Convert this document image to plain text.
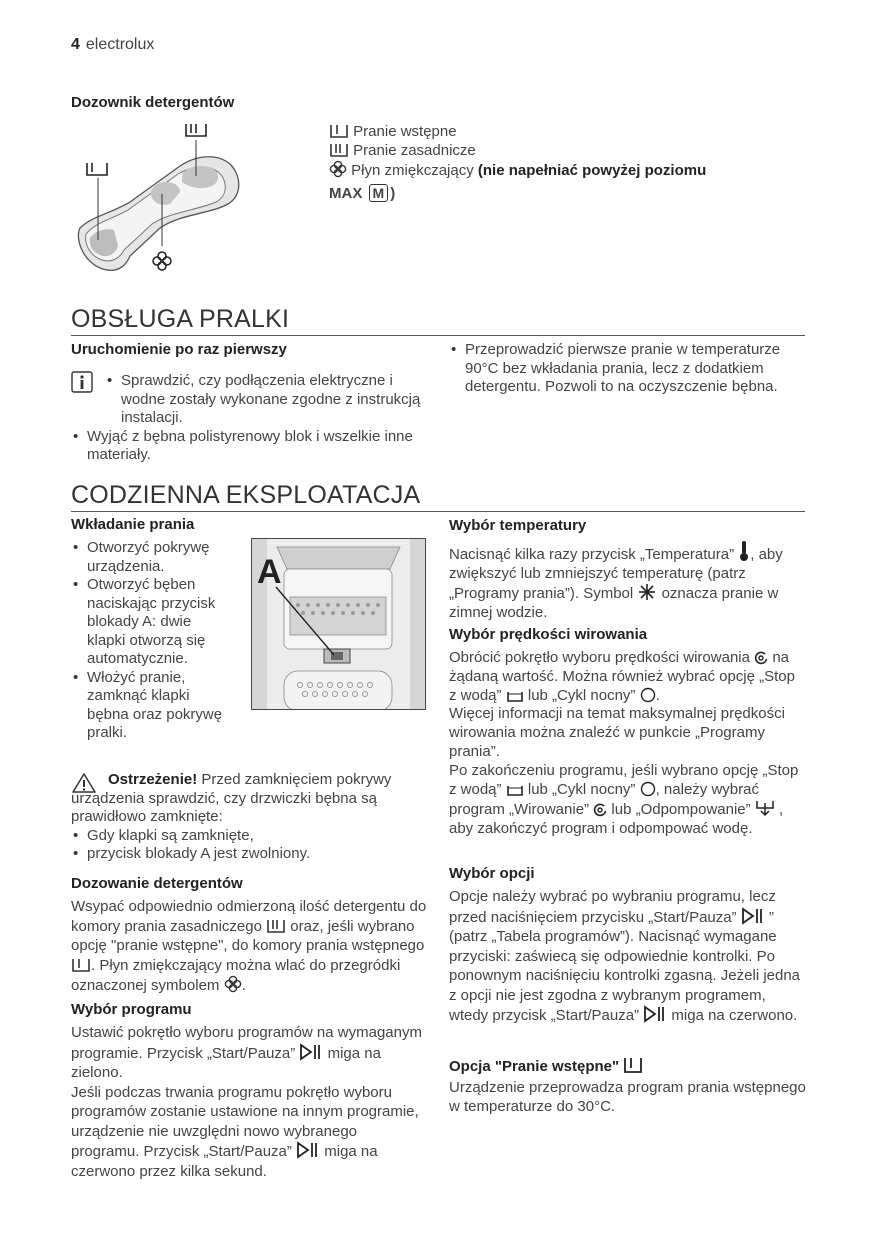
4 electrolux
Dozownik detergentów
Pranie wstępne
Pranie zasadnicze
Płyn zmiękczający (nie napełniać powyżej poziomu
MAX M )
OBSŁUGA PRALKI
Uruchomienie po raz pierwszy
• Sprawdzić, czy podłączenia elektryczne i wodne zostały wykonane zgodne z instrukcją instalacji.
• Wyjąć z bębna polistyrenowy blok i wszelkie inne materiały.
• Przeprowadzić pierwsze pranie w temperaturze 90°C bez wkładania prania, lecz z dodatkiem detergentu. Pozwoli to na oczyszczenie bębna.
CODZIENNA EKSPLOATACJA
Wkładanie prania
• Otworzyć pokrywę urządzenia.
• Otworzyć bęben naciskając przycisk blokady A: dwie klapki otworzą się automatycznie.
• Włożyć pranie, zamknąć klapki bębna oraz pokrywę pralki.
A
Ostrzeżenie! Przed zamknięciem pokrywy urządzenia sprawdzić, czy drzwiczki bębna są prawidłowo zamknięte:
• Gdy klapki są zamknięte,
• przycisk blokady A jest zwolniony.
Dozowanie detergentów
Wsypać odpowiednio odmierzoną ilość detergentu do komory prania zasadniczego oraz, jeśli wybrano opcję "pranie wstępne", do komory prania wstępnego . Płyn zmiękczający można wlać do przegródki oznaczonej symbolem .
Wybór programu
Ustawić pokrętło wyboru programów na wymaganym programie. Przycisk „Start/Pauza” miga na zielono.
Jeśli podczas trwania programu pokrętło wyboru programów zostanie ustawione na innym programie, urządzenie nie uwzględni nowo wybranego programu. Przycisk „Start/Pauza” miga na czerwono przez kilka sekund.
Wybór temperatury
Nacisnąć kilka razy przycisk „Temperatura” , aby zwiększyć lub zmniejszyć temperaturę (patrz „Programy prania”). Symbol oznacza pranie w zimnej wodzie.
Wybór prędkości wirowania
Obrócić pokrętło wyboru prędkości wirowania na żądaną wartość. Można również wybrać opcję „Stop z wodą” lub „Cykl nocny” .
Więcej informacji na temat maksymalnej prędkości wirowania można znaleźć w punkcie „Programy prania”.
Po zakończeniu programu, jeśli wybrano opcję „Stop z wodą” lub „Cykl nocny” , należy wybrać program „Wirowanie” lub „Odpompowanie” , aby zakończyć program i odpompować wodę.
Wybór opcji
Opcje należy wybrać po wybraniu programu, lecz przed naciśnięciem przycisku „Start/Pauza” ” (patrz „Tabela programów”). Nacisnąć wymagane przyciski: zaświecą się odpowiednie kontrolki. Po ponownym naciśnięciu kontrolki zgasną. Jeżeli jedna z opcji nie jest zgodna z wybranym programem, wtedy przycisk „Start/Pauza” miga na czerwono.
Opcja "Pranie wstępne"
Urządzenie przeprowadza program prania wstępnego w temperaturze do 30°C.
